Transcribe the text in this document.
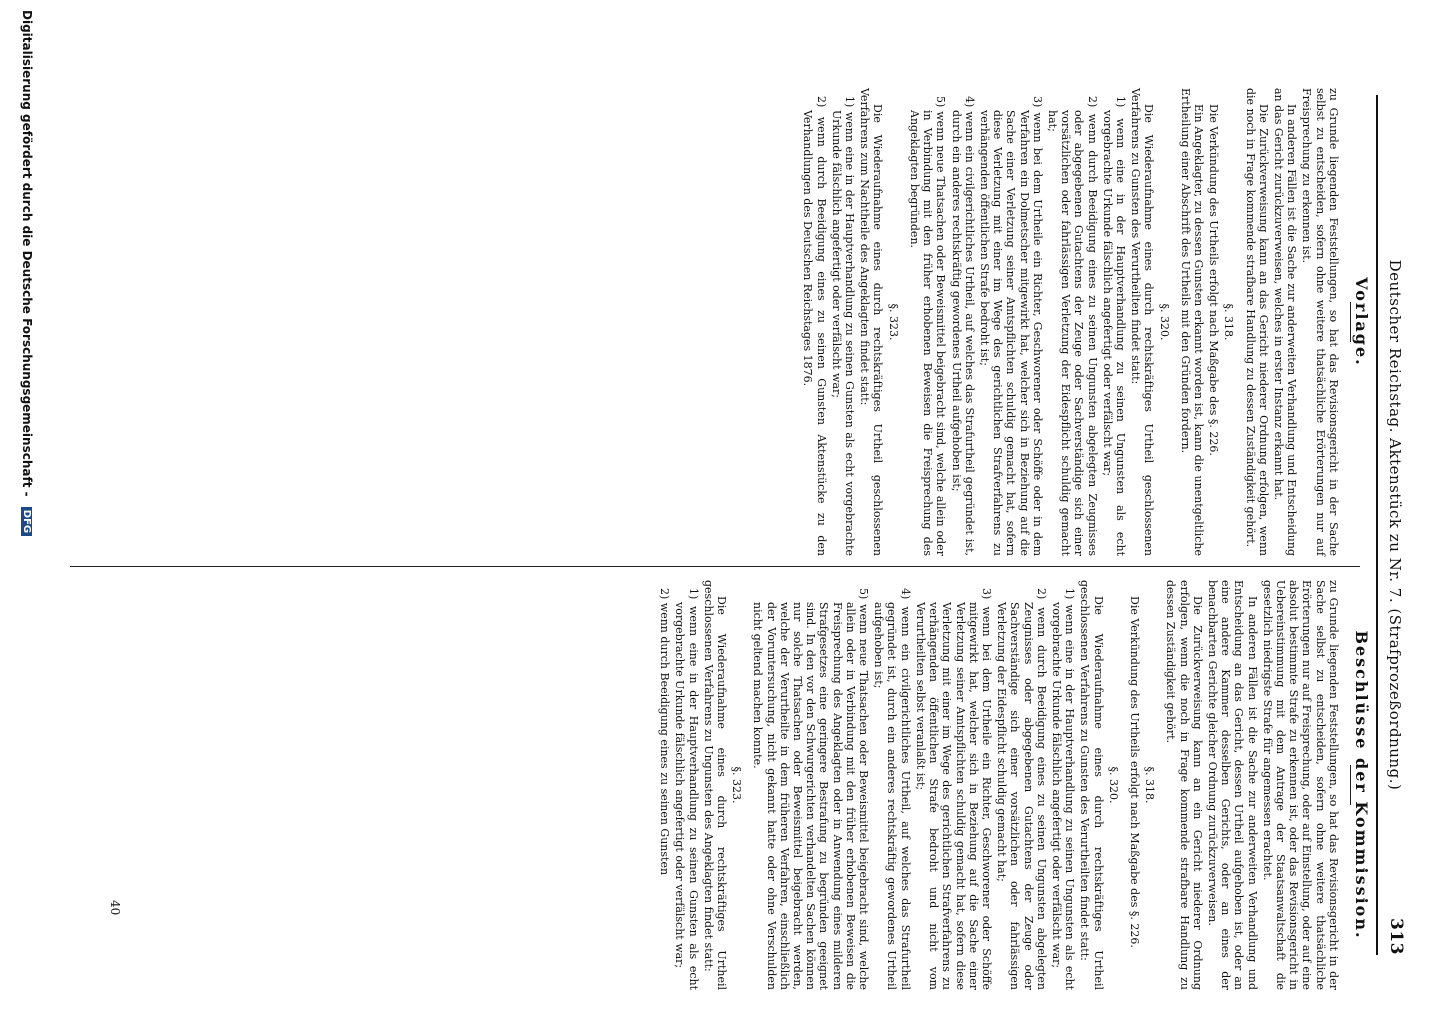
Deutscher Reichstag. Aktenstück zu Nr. 7. (Strafprozeßordnung.)
313
Vorlage.

zu Grunde liegenden Feststellungen, so hat das Revisionsgericht in der Sache selbst zu entscheiden, sofern ohne weitere thatsächliche Erörterungen nur auf Freisprechung zu erkennen ist.

In anderen Fällen ist die Sache zur anderweiten Verhandlung und Entscheidung an das Gericht zurückzuverweisen, welches in erster Instanz erkannt hat.

Die Zurückverweisung kann an das Gericht niederer Ordnung erfolgen, wenn die noch in Frage kommende strafbare Handlung zu dessen Zuständigkeit gehört.

§. 318.

Die Verkündung des Urtheils erfolgt nach Maßgabe des §. 226.

Ein Angeklagter, zu dessen Gunsten erkannt worden ist, kann die unentgeltliche Ertheilung einer Abschrift des Urtheils mit den Gründen fordern.

§. 320.

Die Wiederaufnahme eines durch rechtskräftiges Urtheil geschlossenen Verfahrens zu Gunsten des Verurtheilten findet statt:

1) wenn eine in der Hauptverhandlung zu seinen Ungunsten als echt vorgebrachte Urkunde fälschlich angefertigt oder verfälscht war;

2) wenn durch Beeidigung eines zu seinen Ungunsten abgelegten Zeugnisses oder abgegebenen Gutachtens der Zeuge oder Sachverständige sich einer vorsätzlichen oder fahrlässigen Verletzung der Eidespflicht schuldig gemacht hat;

3) wenn bei dem Urtheile ein Richter, Geschworener oder Schöffe oder in dem Verfahren ein Dolmetscher mitgewirkt hat, welcher sich in Beziehung auf die Sache einer Verletzung seiner Amtspflichten schuldig gemacht hat, sofern diese Verletzung mit einer im Wege des gerichtlichen Strafverfahrens zu verhängenden öffentlichen Strafe bedroht ist;

4) wenn ein civilgerichtliches Urtheil, auf welches das Strafurtheil gegründet ist, durch ein anderes rechtskräftig gewordenes Urtheil aufgehoben ist;

5) wenn neue Thatsachen oder Beweismittel beigebracht sind, welche allein oder in Verbindung mit den früher erhobenen Beweisen die Freisprechung des Angeklagten begründen.

§. 323.

Die Wiederaufnahme eines durch rechtskräftiges Urtheil geschlossenen Verfahrens zum Nachtheile des Angeklagten findet statt:

1) wenn eine in der Hauptverhandlung zu seinen Gunsten als echt vorgebrachte Urkunde fälschlich angefertigt oder verfälscht war;

2) wenn durch Beeidigung eines zu seinen Gunsten Aktenstücke zu den Verhandlungen des Deutschen Reichstages 1876.

Beschlüsse der Kommission.

zu Grunde liegenden Feststellungen, so hat das Revisionsgericht in der Sache selbst zu entscheiden, sofern ohne weitere thatsächliche Erörterungen nur auf Freisprechung, oder auf Einstellung, oder auf eine absolut bestimmte Strafe zu erkennen ist, oder das Revisionsgericht in Uebereinstimmung mit dem Antrage der Staatsanwaltschaft die gesetzlich niedrigste Strafe für angemessen erachtet.

In anderen Fällen ist die Sache zur anderweiten Verhandlung und Entscheidung an das Gericht, dessen Urtheil aufgehoben ist, oder an eine andere Kammer desselben Gerichts, oder an eines der benachbarten Gerichte gleicher Ordnung zurückzuverweisen.

Die Zurückverweisung kann an ein Gericht niederer Ordnung erfolgen, wenn die noch in Frage kommende strafbare Handlung zu dessen Zuständigkeit gehört.

§. 318.

Die Verkündung des Urtheils erfolgt nach Maßgabe des §. 226.

§. 320.

Die Wiederaufnahme eines durch rechtskräftiges Urtheil geschlossenen Verfahrens zu Gunsten des Verurtheilten findet statt:

1) wenn eine in der Hauptverhandlung zu seinen Ungunsten als echt vorgebrachte Urkunde fälschlich angefertigt oder verfälscht war;

2) wenn durch Beeidigung eines zu seinen Ungunsten abgelegten Zeugnisses oder abgegebenen Gutachtens der Zeuge oder Sachverständige sich einer vorsätzlichen oder fahrlässigen Verletzung der Eidespflicht schuldig gemacht hat;

3) wenn bei dem Urtheile ein Richter, Geschworener oder Schöffe mitgewirkt hat, welcher sich in Beziehung auf die Sache einer Verletzung seiner Amtspflichten schuldig gemacht hat, sofern diese Verletzung mit einer im Wege des gerichtlichen Strafverfahrens zu verhängenden öffentlichen Strafe bedroht und nicht vom Verurtheilten selbst veranlaßt ist;

4) wenn ein civilgerichtliches Urtheil, auf welches das Strafurtheil gegründet ist, durch ein anderes rechtskräftig gewordenes Urtheil aufgehoben ist;

5) wenn neue Thatsachen oder Beweismittel beigebracht sind, welche allein oder in Verbindung mit den früher erhobenen Beweisen die Freisprechung des Angeklagten oder in Anwendung eines milderen Strafgesetzes eine geringere Bestrafung zu begründen geeignet sind. In den vor den Schwurgerichten verhandelten Sachen können nur solche Thatsachen oder Beweismittel beigebracht werden, welche der Verurtheilte in dem früheren Verfahren, einschließlich der Voruntersuchung, nicht gekannt hatte oder ohne Verschulden nicht geltend machen konnte.

§. 323.

Die Wiederaufnahme eines durch rechtskräftiges Urtheil geschlossenen Verfahrens zu Ungunsten des Angeklagten findet statt:

1) wenn eine in der Hauptverhandlung zu seinen Gunsten als echt vorgebrachte Urkunde fälschlich angefertigt oder verfälscht war;

2) wenn durch Beeidigung eines zu seinen Gunsten

40
Digitalisierung gefördert durch die Deutsche Forschungsgemeinschaft - DFG
